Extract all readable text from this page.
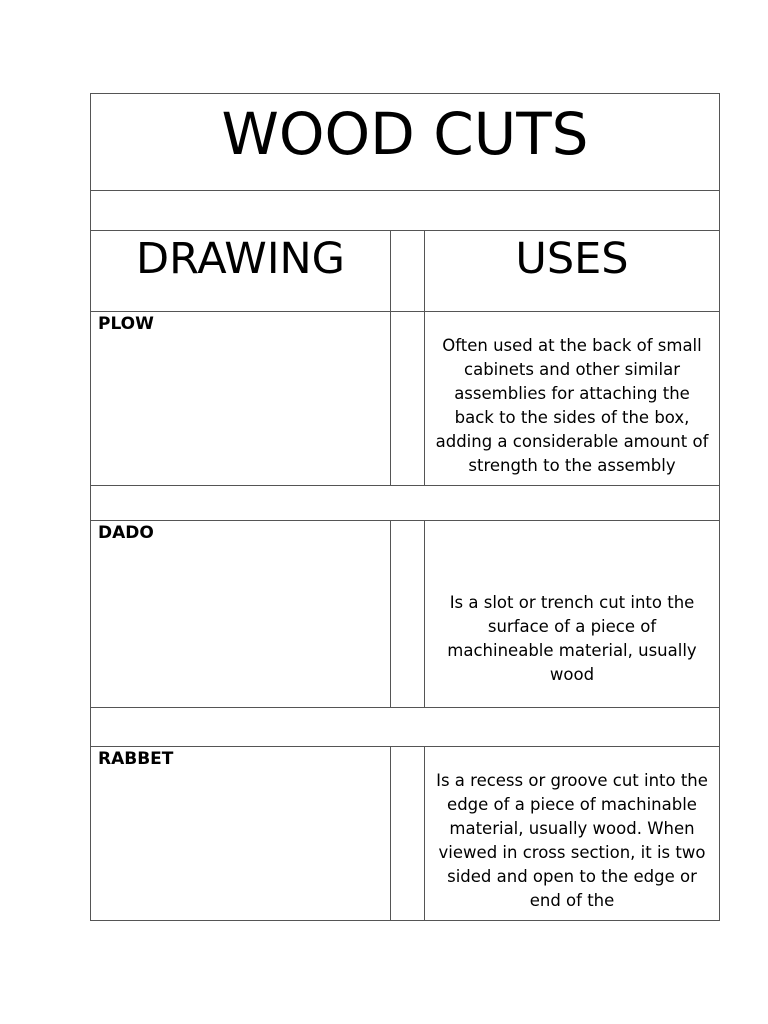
WOOD CUTS
DRAWING	USES
PLOW
Often used at the back of small cabinets and other similar assemblies for attaching the back to the sides of the box, adding a considerable amount of strength to the assembly
DADO
Is a slot or trench cut into the surface of a piece of machineable material, usually wood
RABBET
Is a recess or groove cut into the edge of a piece of machinable material, usually wood. When viewed in cross section, it is two sided and open to the edge or end of the
